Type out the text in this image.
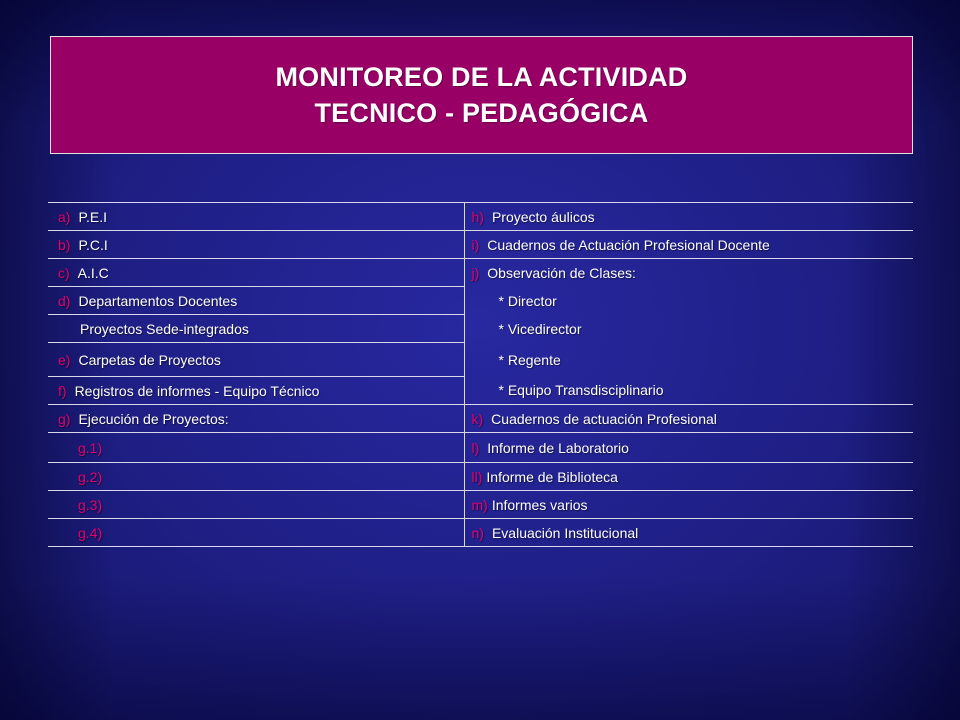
MONITOREO DE LA ACTIVIDAD
TECNICO - PEDAGÓGICA
a) P.E.I	h) Proyecto áulicos
b) P.C.I	i) Cuadernos de Actuación Profesional Docente
c) A.I.C	j) Observación de Clases:
d) Departamentos Docentes	* Director
Proyectos Sede-integrados	* Vicedirector
e) Carpetas de Proyectos	* Regente
f) Registros de informes - Equipo Técnico	* Equipo Transdisciplinario
g) Ejecución de Proyectos:	k) Cuadernos de actuación Profesional
g.1)	l) Informe de Laboratorio
g.2)	ll) Informe de Biblioteca
g.3)	m) Informes varios
g.4)	n) Evaluación Institucional
